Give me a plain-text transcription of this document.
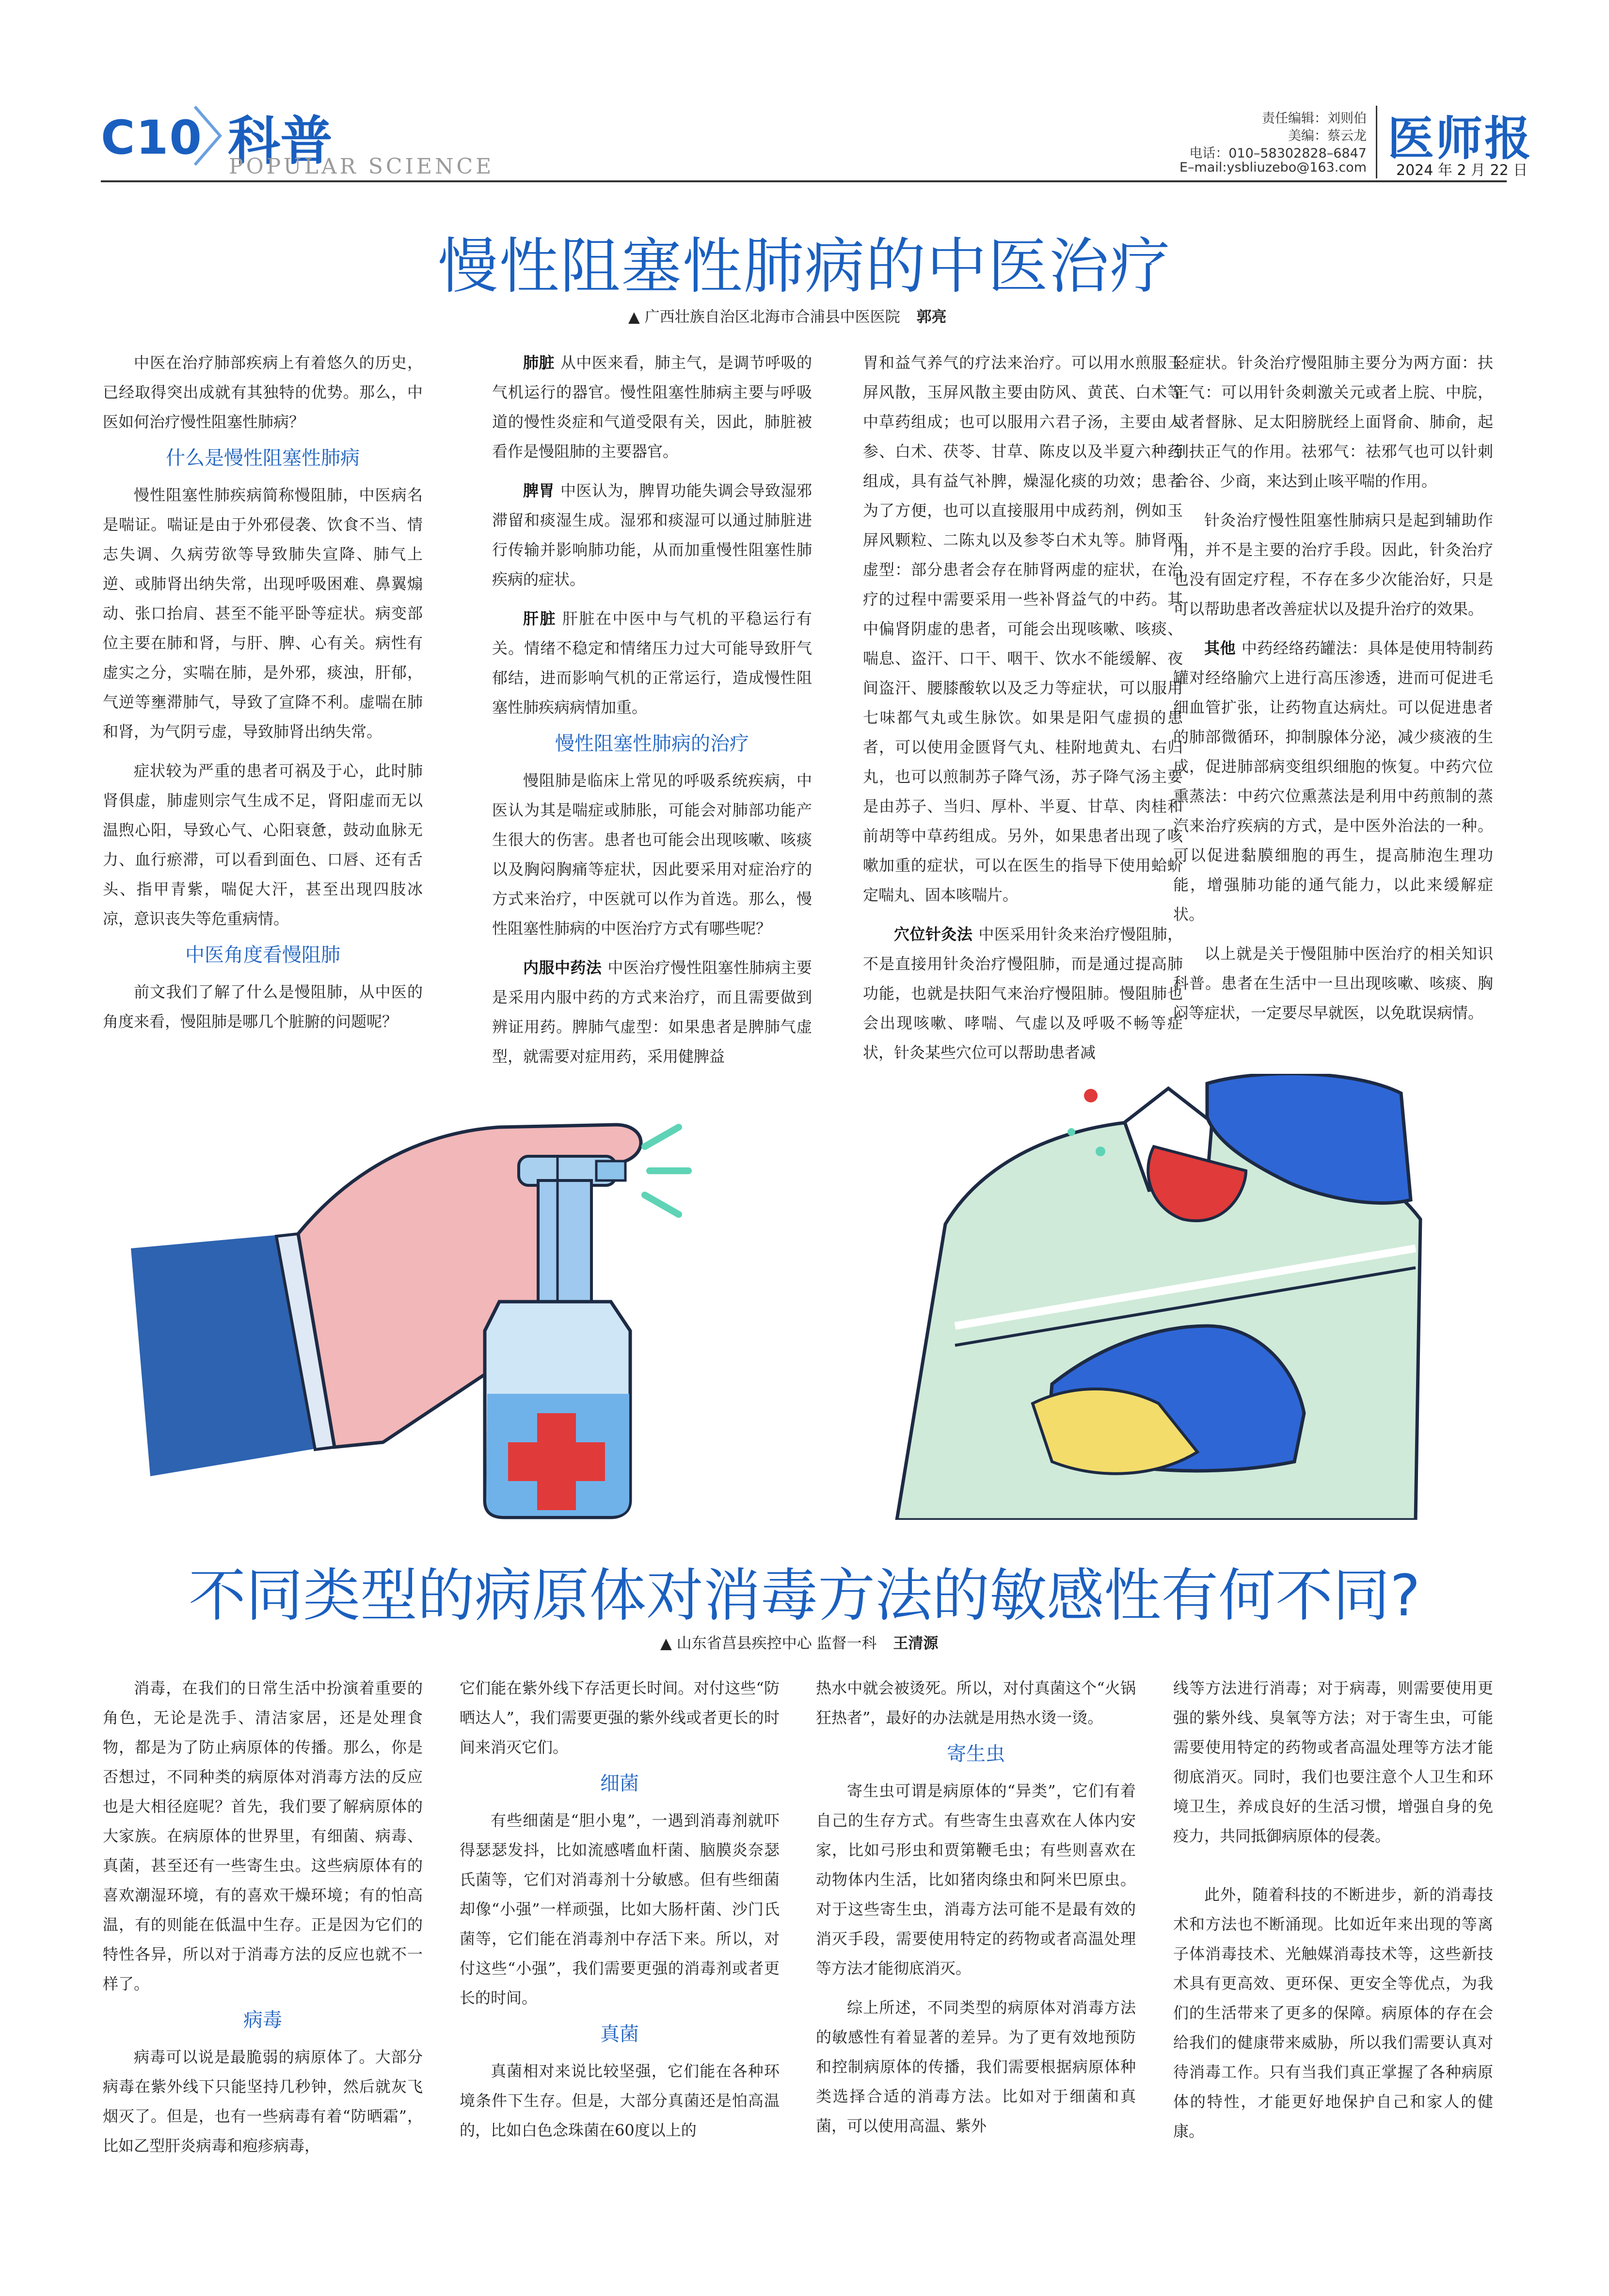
C10 科普
POPULAR SCIENCE
责任编辑：刘则伯
美编：蔡云龙
电话：010–58302828–6847
E–mail:ysbliuzebo@163.com
医师报
2024 年 2 月 22 日
慢性阻塞性肺病的中医治疗
▲ 广西壮族自治区北海市合浦县中医医院 郭亮

中医在治疗肺部疾病上有着悠久的历史，已经取得突出成就有其独特的优势。那么，中医如何治疗慢性阻塞性肺病？

什么是慢性阻塞性肺病

慢性阻塞性肺疾病简称慢阻肺，中医病名是喘证。喘证是由于外邪侵袭、饮食不当、情志失调、久病劳欲等导致肺失宣降、肺气上逆、或肺肾出纳失常，出现呼吸困难、鼻翼煽动、张口抬肩、甚至不能平卧等症状。病变部位主要在肺和肾，与肝、脾、心有关。病性有虚实之分，实喘在肺，是外邪，痰浊，肝郁，气逆等壅滞肺气，导致了宣降不利。虚喘在肺和肾，为气阴亏虚，导致肺肾出纳失常。

症状较为严重的患者可祸及于心，此时肺肾俱虚，肺虚则宗气生成不足，肾阳虚而无以温煦心阳，导致心气、心阳衰惫，鼓动血脉无力、血行瘀滞，可以看到面色、口唇、还有舌头、指甲青紫，喘促大汗，甚至出现四肢冰凉，意识丧失等危重病情。

中医角度看慢阻肺

前文我们了解了什么是慢阻肺，从中医的角度来看，慢阻肺是哪几个脏腑的问题呢？

肺脏 从中医来看，肺主气，是调节呼吸的气机运行的器官。慢性阻塞性肺病主要与呼吸道的慢性炎症和气道受限有关，因此，肺脏被看作是慢阻肺的主要器官。

脾胃 中医认为，脾胃功能失调会导致湿邪滞留和痰湿生成。湿邪和痰湿可以通过肺脏进行传输并影响肺功能，从而加重慢性阻塞性肺疾病的症状。

肝脏 肝脏在中医中与气机的平稳运行有关。情绪不稳定和情绪压力过大可能导致肝气郁结，进而影响气机的正常运行，造成慢性阻塞性肺疾病病情加重。

慢性阻塞性肺病的治疗

慢阻肺是临床上常见的呼吸系统疾病，中医认为其是喘症或肺胀，可能会对肺部功能产生很大的伤害。患者也可能会出现咳嗽、咳痰以及胸闷胸痛等症状，因此要采用对症治疗的方式来治疗，中医就可以作为首选。那么，慢性阻塞性肺病的中医治疗方式有哪些呢？

内服中药法 中医治疗慢性阻塞性肺病主要是采用内服中药的方式来治疗，而且需要做到辨证用药。脾肺气虚型：如果患者是脾肺气虚型，就需要对症用药，采用健脾益

胃和益气养气的疗法来治疗。可以用水煎服玉屏风散，玉屏风散主要由防风、黄芪、白术等中草药组成；也可以服用六君子汤，主要由人参、白术、茯苓、甘草、陈皮以及半夏六种药组成，具有益气补脾，燥湿化痰的功效；患者为了方便，也可以直接服用中成药剂，例如玉屏风颗粒、二陈丸以及参苓白术丸等。肺肾两虚型：部分患者会存在肺肾两虚的症状，在治疗的过程中需要采用一些补肾益气的中药。其中偏肾阴虚的患者，可能会出现咳嗽、咳痰、喘息、盗汗、口干、咽干、饮水不能缓解、夜间盗汗、腰膝酸软以及乏力等症状，可以服用七味都气丸或生脉饮。如果是阳气虚损的患者，可以使用金匮肾气丸、桂附地黄丸、右归丸，也可以煎制苏子降气汤，苏子降气汤主要是由苏子、当归、厚朴、半夏、甘草、肉桂和前胡等中草药组成。另外，如果患者出现了咳嗽加重的症状，可以在医生的指导下使用蛤蚧定喘丸、固本咳喘片。

穴位针灸法 中医采用针灸来治疗慢阻肺，不是直接用针灸治疗慢阻肺，而是通过提高肺功能，也就是扶阳气来治疗慢阻肺。慢阻肺也会出现咳嗽、哮喘、气虚以及呼吸不畅等症状，针灸某些穴位可以帮助患者减

轻症状。针灸治疗慢阻肺主要分为两方面：扶正气：可以用针灸刺激关元或者上脘、中脘，或者督脉、足太阳膀胱经上面肾俞、肺俞，起到扶正气的作用。祛邪气：祛邪气也可以针刺合谷、少商，来达到止咳平喘的作用。

针灸治疗慢性阻塞性肺病只是起到辅助作用，并不是主要的治疗手段。因此，针灸治疗也没有固定疗程，不存在多少次能治好，只是可以帮助患者改善症状以及提升治疗的效果。

其他 中药经络药罐法：具体是使用特制药罐对经络腧穴上进行高压渗透，进而可促进毛细血管扩张，让药物直达病灶。可以促进患者的肺部微循环，抑制腺体分泌，减少痰液的生成，促进肺部病变组织细胞的恢复。中药穴位熏蒸法：中药穴位熏蒸法是利用中药煎制的蒸汽来治疗疾病的方式，是中医外治法的一种。可以促进黏膜细胞的再生，提高肺泡生理功能，增强肺功能的通气能力，以此来缓解症状。

以上就是关于慢阻肺中医治疗的相关知识科普。患者在生活中一旦出现咳嗽、咳痰、胸闷等症状，一定要尽早就医，以免耽误病情。

不同类型的病原体对消毒方法的敏感性有何不同?
▲ 山东省莒县疾控中心 监督一科 王清源

消毒，在我们的日常生活中扮演着重要的角色，无论是洗手、清洁家居，还是处理食物，都是为了防止病原体的传播。那么，你是否想过，不同种类的病原体对消毒方法的反应也是大相径庭呢？首先，我们要了解病原体的大家族。在病原体的世界里，有细菌、病毒、真菌，甚至还有一些寄生虫。这些病原体有的喜欢潮湿环境，有的喜欢干燥环境；有的怕高温，有的则能在低温中生存。正是因为它们的特性各异，所以对于消毒方法的反应也就不一样了。

病毒

病毒可以说是最脆弱的病原体了。大部分病毒在紫外线下只能坚持几秒钟，然后就灰飞烟灭了。但是，也有一些病毒有着“防晒霜”，比如乙型肝炎病毒和疱疹病毒，

它们能在紫外线下存活更长时间。对付这些“防晒达人”，我们需要更强的紫外线或者更长的时间来消灭它们。

细菌

有些细菌是“胆小鬼”，一遇到消毒剂就吓得瑟瑟发抖，比如流感嗜血杆菌、脑膜炎奈瑟氏菌等，它们对消毒剂十分敏感。但有些细菌却像“小强”一样顽强，比如大肠杆菌、沙门氏菌等，它们能在消毒剂中存活下来。所以，对付这些“小强”，我们需要更强的消毒剂或者更长的时间。

真菌

真菌相对来说比较坚强，它们能在各种环境条件下生存。但是，大部分真菌还是怕高温的，比如白色念珠菌在60度以上的

热水中就会被烫死。所以，对付真菌这个“火锅狂热者”，最好的办法就是用热水烫一烫。

寄生虫

寄生虫可谓是病原体的“异类”，它们有着自己的生存方式。有些寄生虫喜欢在人体内安家，比如弓形虫和贾第鞭毛虫；有些则喜欢在动物体内生活，比如猪肉绦虫和阿米巴原虫。对于这些寄生虫，消毒方法可能不是最有效的消灭手段，需要使用特定的药物或者高温处理等方法才能彻底消灭。

综上所述，不同类型的病原体对消毒方法的敏感性有着显著的差异。为了更有效地预防和控制病原体的传播，我们需要根据病原体种类选择合适的消毒方法。比如对于细菌和真菌，可以使用高温、紫外

线等方法进行消毒；对于病毒，则需要使用更强的紫外线、臭氧等方法；对于寄生虫，可能需要使用特定的药物或者高温处理等方法才能彻底消灭。同时，我们也要注意个人卫生和环境卫生，养成良好的生活习惯，增强自身的免疫力，共同抵御病原体的侵袭。

此外，随着科技的不断进步，新的消毒技术和方法也不断涌现。比如近年来出现的等离子体消毒技术、光触媒消毒技术等，这些新技术具有更高效、更环保、更安全等优点，为我们的生活带来了更多的保障。病原体的存在会给我们的健康带来威胁，所以我们需要认真对待消毒工作。只有当我们真正掌握了各种病原体的特性，才能更好地保护自己和家人的健康。
